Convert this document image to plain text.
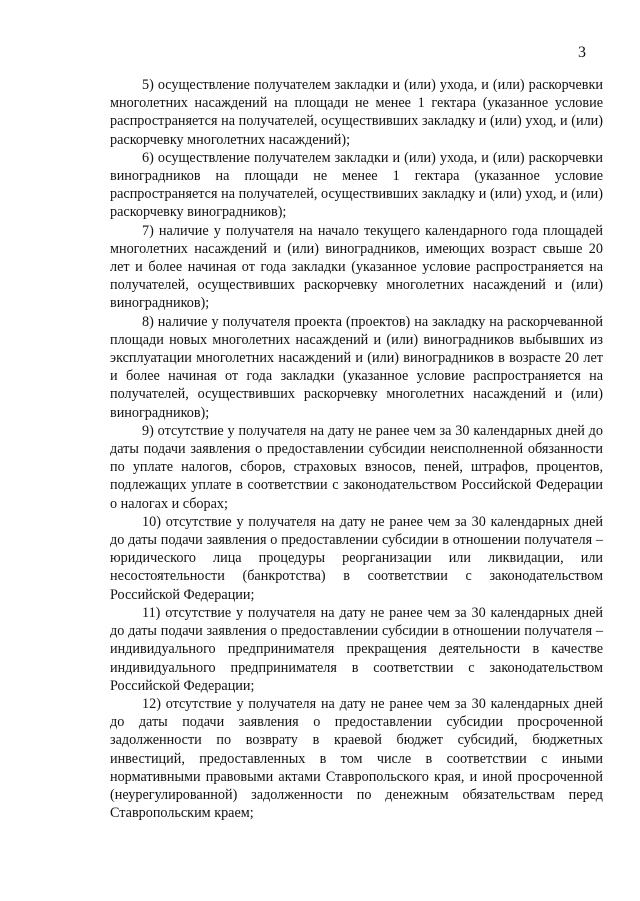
3

5) осуществление получателем закладки и (или) ухода, и (или) раскорчевки многолетних насаждений на площади не менее 1 гектара (указанное условие распространяется на получателей, осуществивших закладку и (или) уход, и (или) раскорчевку многолетних насаждений);

6) осуществление получателем закладки и (или) ухода, и (или) раскорчевки виноградников на площади не менее 1 гектара (указанное условие распространяется на получателей, осуществивших закладку и (или) уход, и (или) раскорчевку виноградников);

7) наличие у получателя на начало текущего календарного года площадей многолетних насаждений и (или) виноградников, имеющих возраст свыше 20 лет и более начиная от года закладки (указанное условие распространяется на получателей, осуществивших раскорчевку многолетних насаждений и (или) виноградников);

8) наличие у получателя проекта (проектов) на закладку на раскорчеванной площади новых многолетних насаждений и (или) виноградников выбывших из эксплуатации многолетних насаждений и (или) виноградников в возрасте 20 лет и более начиная от года закладки (указанное условие распространяется на получателей, осуществивших раскорчевку многолетних насаждений и (или) виноградников);

9) отсутствие у получателя на дату не ранее чем за 30 календарных дней до даты подачи заявления о предоставлении субсидии неисполненной обязанности по уплате налогов, сборов, страховых взносов, пеней, штрафов, процентов, подлежащих уплате в соответствии с законодательством Российской Федерации о налогах и сборах;

10) отсутствие у получателя на дату не ранее чем за 30 календарных дней до даты подачи заявления о предоставлении субсидии в отношении получателя – юридического лица процедуры реорганизации или ликвидации, или несостоятельности (банкротства) в соответствии с законодательством Российской Федерации;

11) отсутствие у получателя на дату не ранее чем за 30 календарных дней до даты подачи заявления о предоставлении субсидии в отношении получателя – индивидуального предпринимателя прекращения деятельности в качестве индивидуального предпринимателя в соответствии с законодательством Российской Федерации;

12) отсутствие у получателя на дату не ранее чем за 30 календарных дней до даты подачи заявления о предоставлении субсидии просроченной задолженности по возврату в краевой бюджет субсидий, бюджетных инвестиций, предоставленных в том числе в соответствии с иными нормативными правовыми актами Ставропольского края, и иной просроченной (неурегулированной) задолженности по денежным обязательствам перед Ставропольским краем;
